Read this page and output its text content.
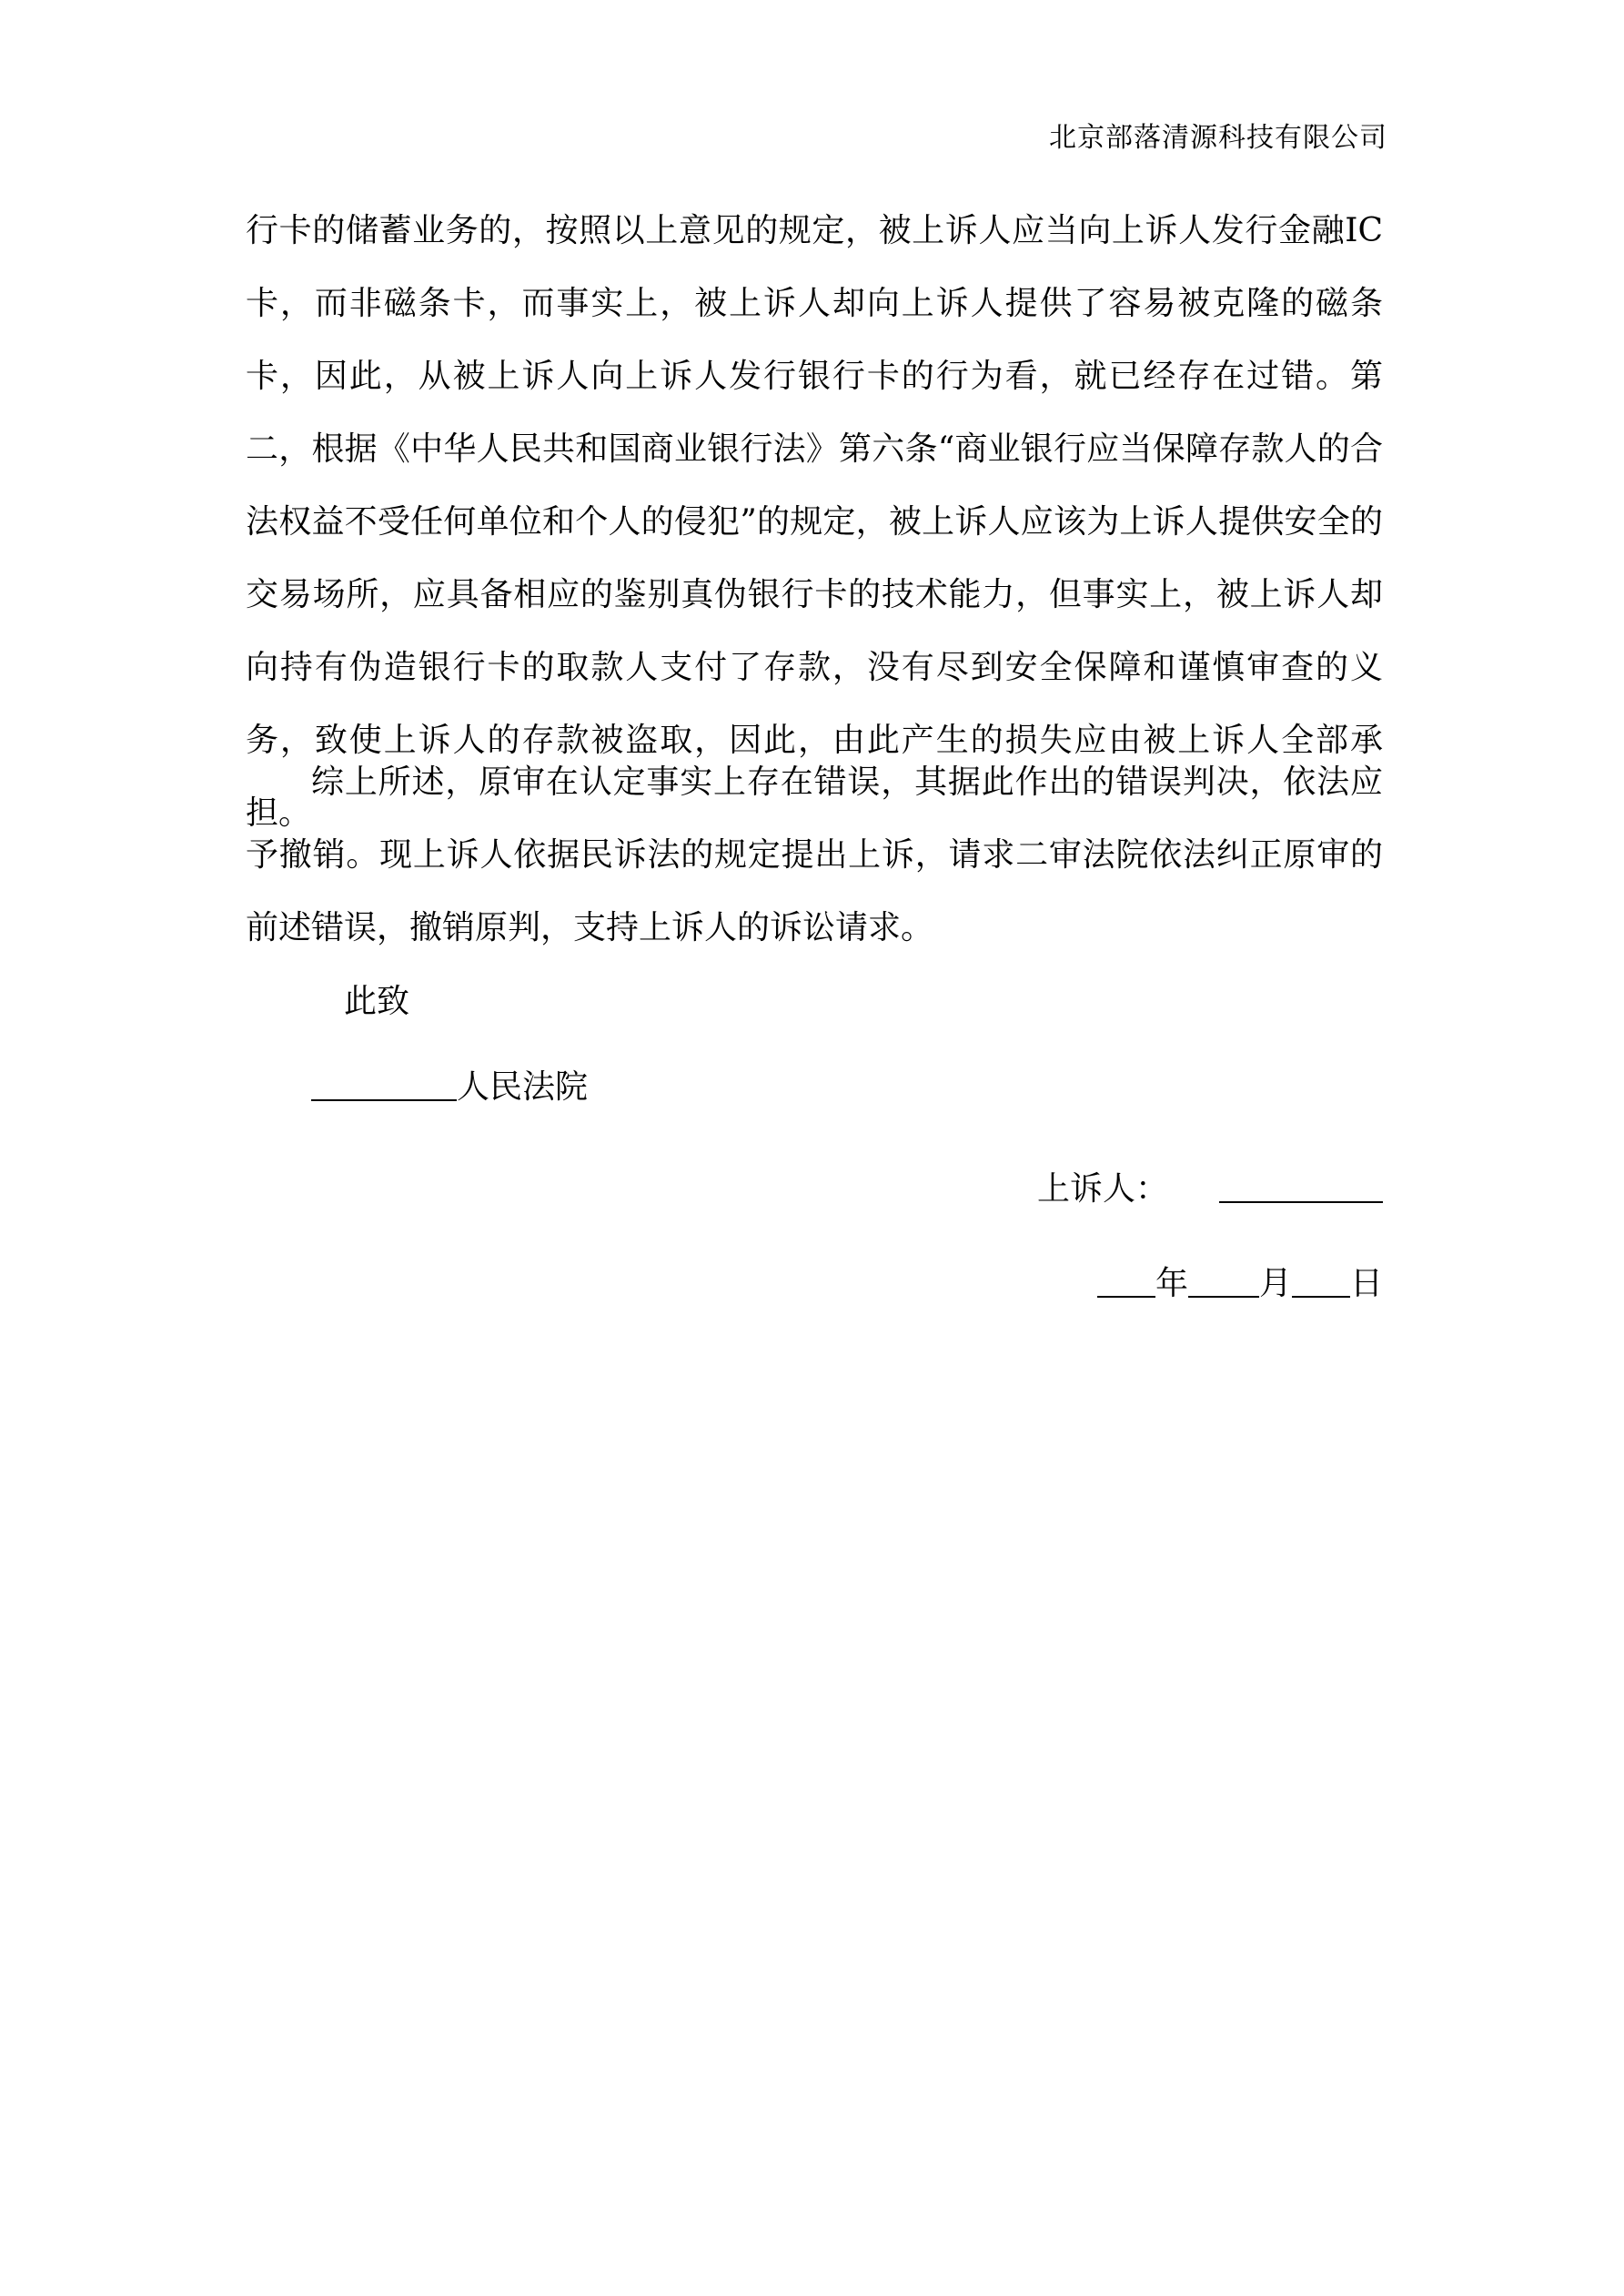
北京部落清源科技有限公司
行卡的储蓄业务的，按照以上意见的规定，被上诉人应当向上诉人发行金融IC卡，而非磁条卡，而事实上，被上诉人却向上诉人提供了容易被克隆的磁条卡，因此，从被上诉人向上诉人发行银行卡的行为看，就已经存在过错。第二，根据《中华人民共和国商业银行法》第六条“商业银行应当保障存款人的合法权益不受任何单位和个人的侵犯”的规定，被上诉人应该为上诉人提供安全的交易场所，应具备相应的鉴别真伪银行卡的技术能力，但事实上，被上诉人却向持有伪造银行卡的取款人支付了存款，没有尽到安全保障和谨慎审查的义务，致使上诉人的存款被盗取，因此，由此产生的损失应由被上诉人全部承担。
综上所述，原审在认定事实上存在错误，其据此作出的错误判决，依法应予撤销。现上诉人依据民诉法的规定提出上诉，请求二审法院依法纠正原审的前述错误，撤销原判，支持上诉人的诉讼请求。
此致
人民法院
上诉人：
年 月 日
